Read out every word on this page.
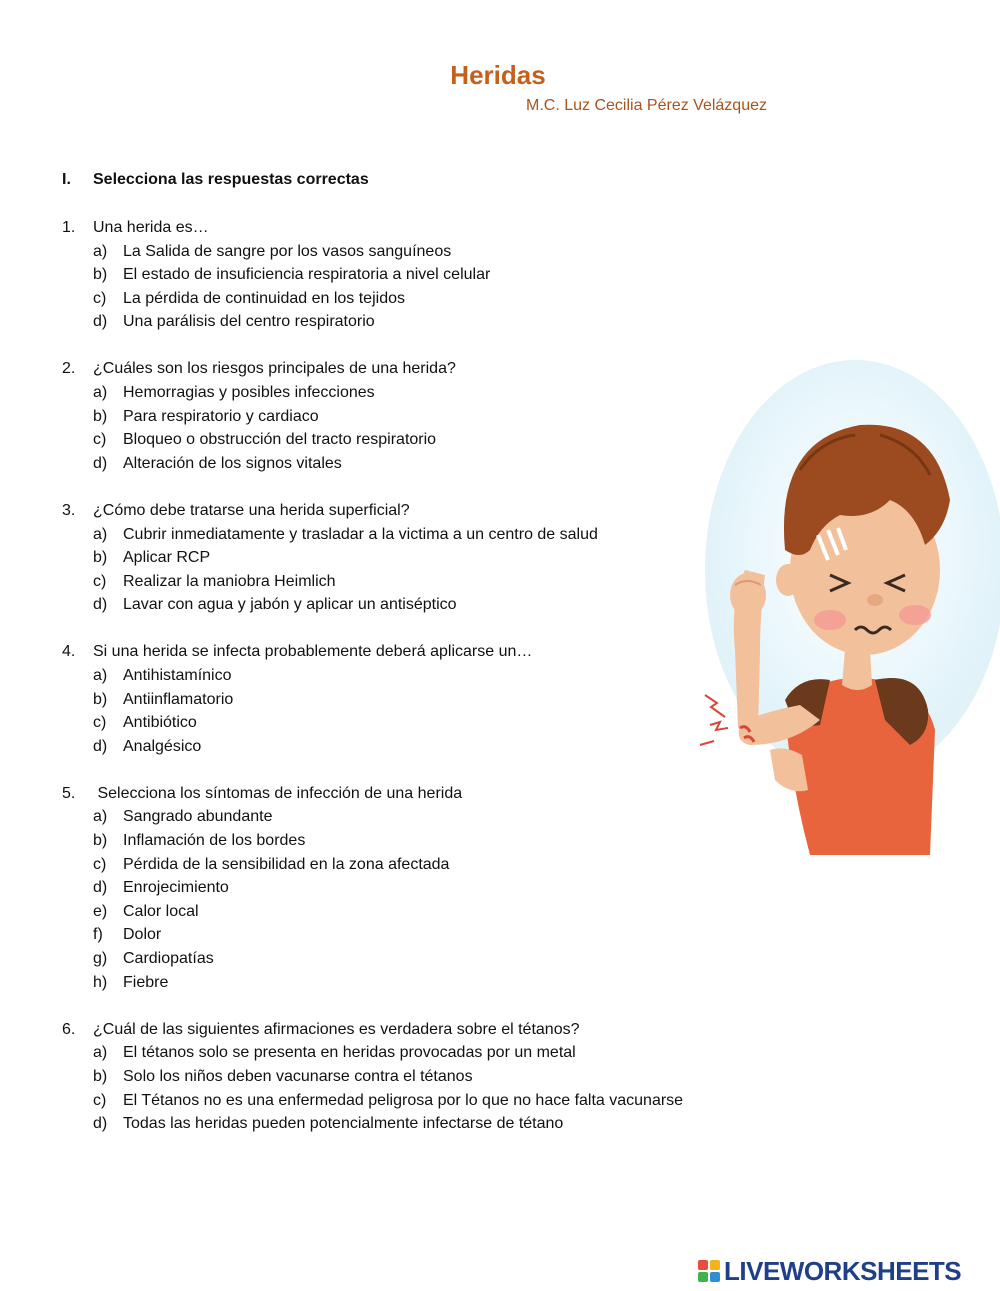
Heridas
M.C. Luz Cecilia Pérez Velázquez
I. Selecciona las respuestas correctas
1. Una herida es…
a) La Salida de sangre por los vasos sanguíneos
b) El estado de insuficiencia respiratoria a nivel celular
c) La pérdida de continuidad en los tejidos
d) Una parálisis del centro respiratorio
2. ¿Cuáles son los riesgos principales de una herida?
a) Hemorragias y posibles infecciones
b) Para respiratorio y cardiaco
c) Bloqueo o obstrucción del tracto respiratorio
d) Alteración de los signos vitales
3. ¿Cómo debe tratarse una herida superficial?
a) Cubrir inmediatamente y trasladar a la victima a un centro de salud
b) Aplicar RCP
c) Realizar la maniobra Heimlich
d) Lavar con agua y jabón y aplicar un antiséptico
4. Si una herida se infecta probablemente deberá aplicarse un…
a) Antihistamínico
b) Antiinflamatorio
c) Antibiótico
d) Analgésico
5. Selecciona los síntomas de infección de una herida
a) Sangrado abundante
b) Inflamación de los bordes
c) Pérdida de la sensibilidad en la zona afectada
d) Enrojecimiento
e) Calor local
f) Dolor
g) Cardiopatías
h) Fiebre
6. ¿Cuál de las siguientes afirmaciones es verdadera sobre el tétanos?
a) El tétanos solo se presenta en heridas provocadas por un metal
b) Solo los niños deben vacunarse contra el tétanos
c) El Tétanos no es una enfermedad peligrosa por lo que no hace falta vacunarse
d) Todas las heridas pueden potencialmente infectarse de tétano
LIVEWORKSHEETS
